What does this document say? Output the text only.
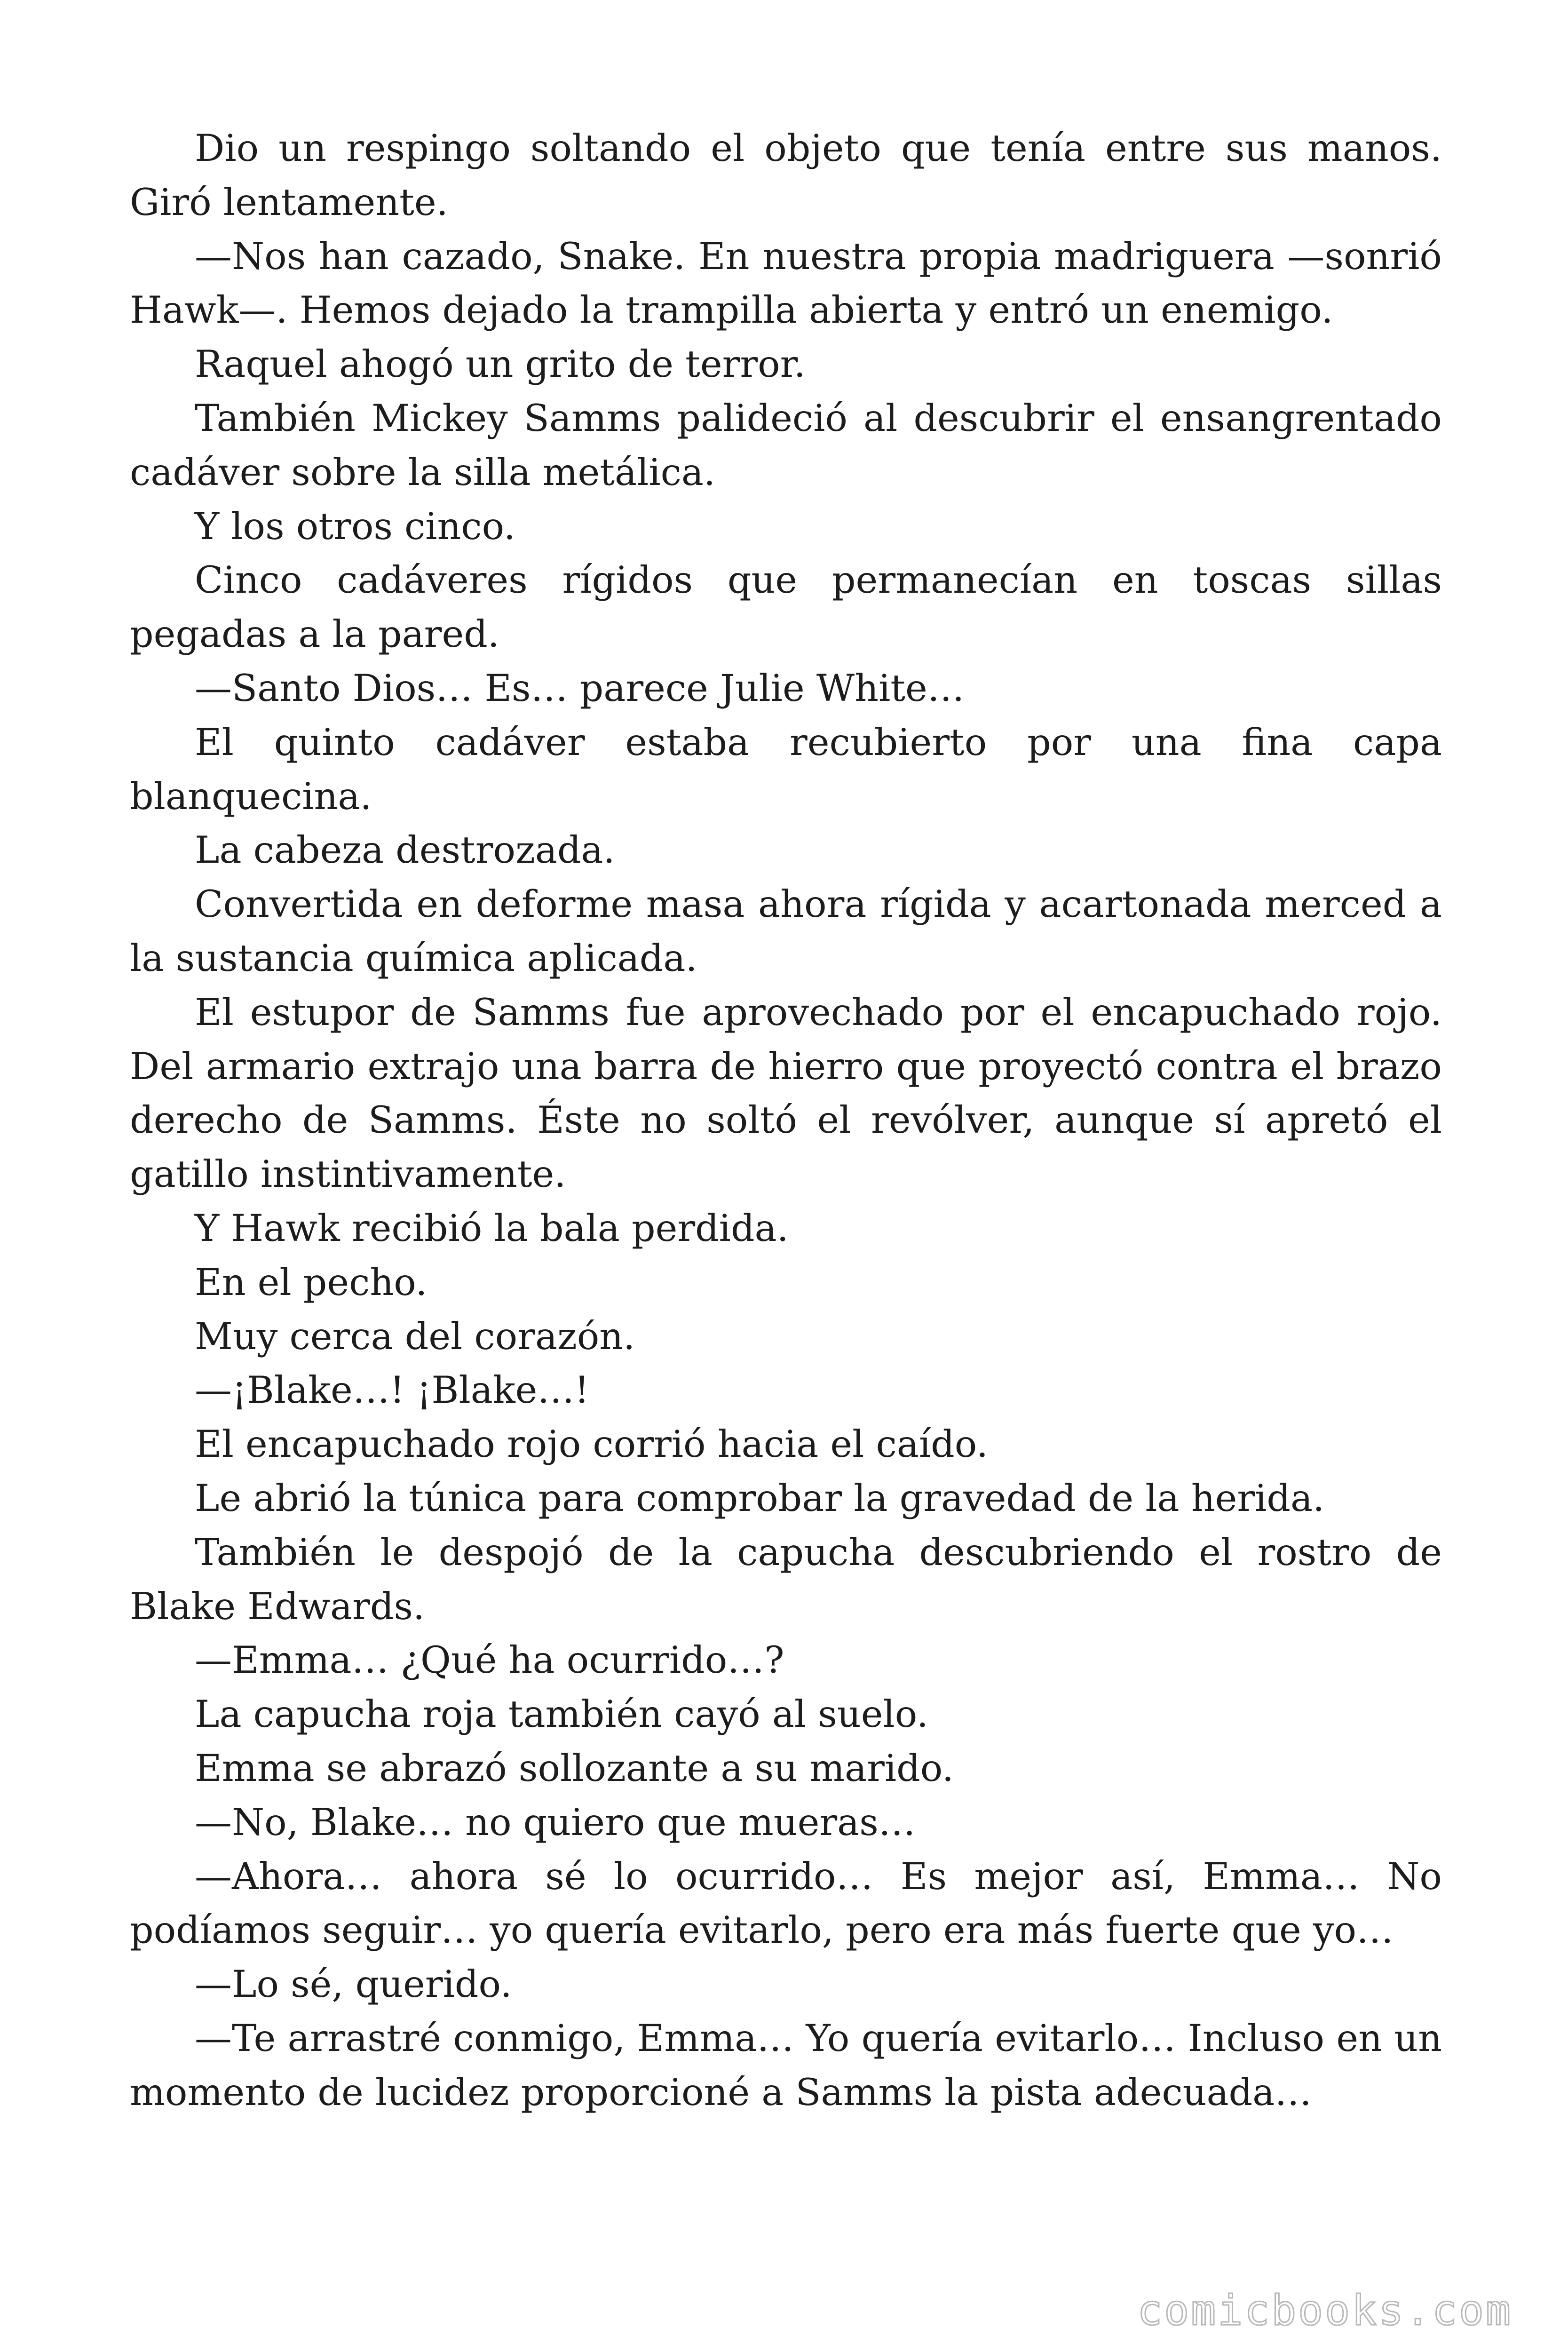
Dio un respingo soltando el objeto que tenía entre sus manos. Giró lentamente.

—Nos han cazado, Snake. En nuestra propia madriguera —sonrió Hawk—. Hemos dejado la trampilla abierta y entró un enemigo.

Raquel ahogó un grito de terror.

También Mickey Samms palideció al descubrir el ensangrentado cadáver sobre la silla metálica.

Y los otros cinco.

Cinco cadáveres rígidos que permanecían en toscas sillas pegadas a la pared.

—Santo Dios… Es… parece Julie White…

El quinto cadáver estaba recubierto por una fina capa blanquecina.

La cabeza destrozada.

Convertida en deforme masa ahora rígida y acartonada merced a la sustancia química aplicada.

El estupor de Samms fue aprovechado por el encapuchado rojo. Del armario extrajo una barra de hierro que proyectó contra el brazo derecho de Samms. Éste no soltó el revólver, aunque sí apretó el gatillo instintivamente.

Y Hawk recibió la bala perdida.

En el pecho.

Muy cerca del corazón.

—¡Blake…! ¡Blake…!

El encapuchado rojo corrió hacia el caído.

Le abrió la túnica para comprobar la gravedad de la herida.

También le despojó de la capucha descubriendo el rostro de Blake Edwards.

—Emma… ¿Qué ha ocurrido…?

La capucha roja también cayó al suelo.

Emma se abrazó sollozante a su marido.

—No, Blake… no quiero que mueras…

—Ahora… ahora sé lo ocurrido… Es mejor así, Emma… No podíamos seguir… yo quería evitarlo, pero era más fuerte que yo…

—Lo sé, querido.

—Te arrastré conmigo, Emma… Yo quería evitarlo… Incluso en un momento de lucidez proporcioné a Samms la pista adecuada…

comicbooks.com
